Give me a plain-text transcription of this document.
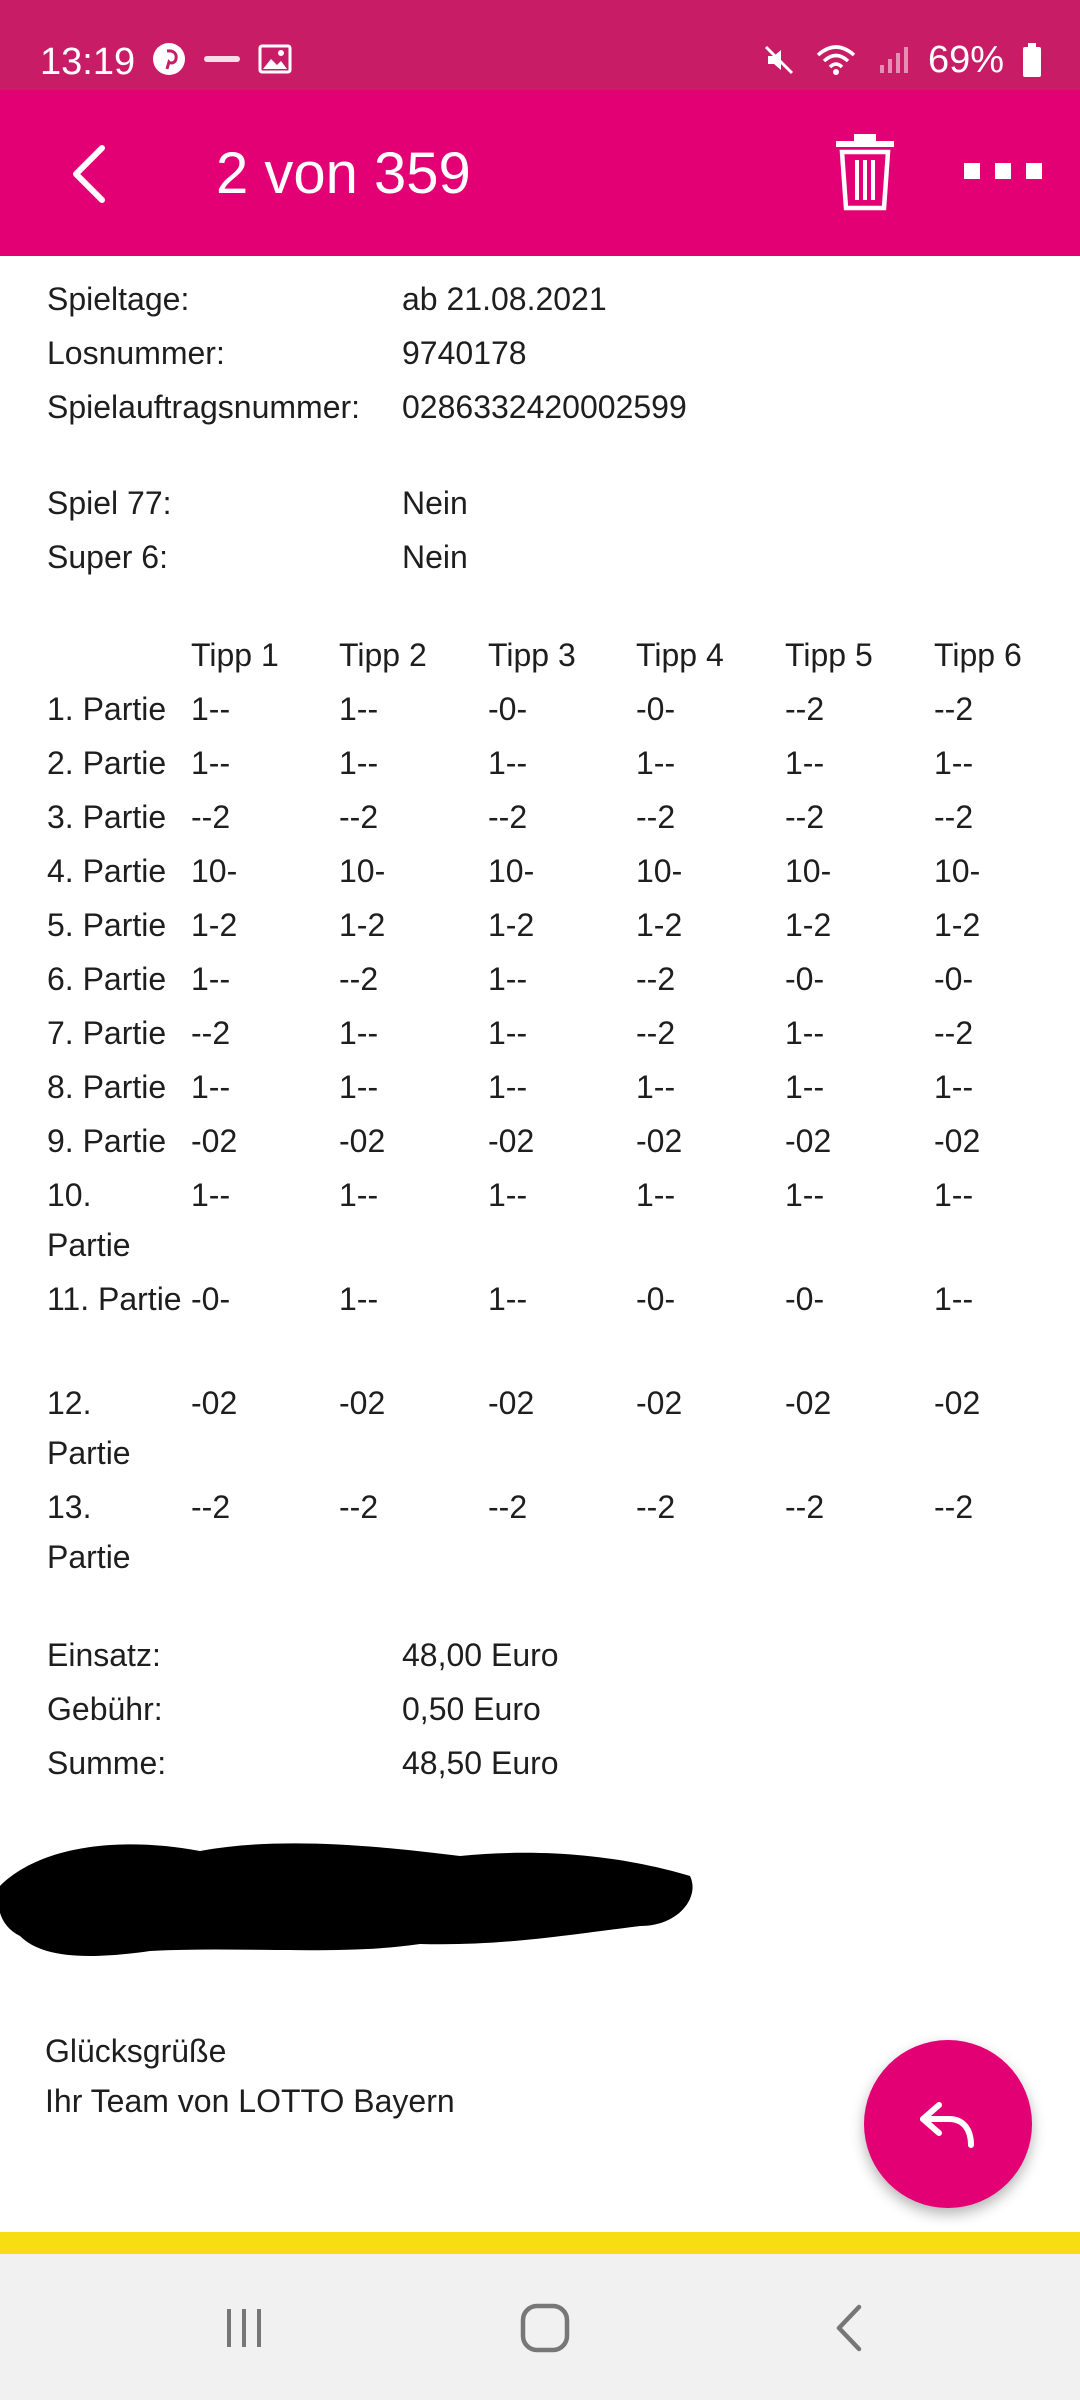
13:19	69%
2 von 359
Spieltage:	ab 21.08.2021
Losnummer:	9740178
Spielauftragsnummer: 0286332420002599
Spiel 77:	Nein
Super 6:	Nein
Tipp 1 Tipp 2 Tipp 3 Tipp 4 Tipp 5 Tipp 6
1. Partie 1--	1--	-0-	-0-	--2	--2
2. Partie 1--	1--	1--	1--	1--	1--
3. Partie --2	--2	--2	--2	--2	--2
4. Partie 10-	10-	10-	10-	10-	10-
5. Partie 1-2	1-2	1-2	1-2	1-2	1-2
6. Partie 1--	--2	1--	--2	-0-	-0-
7. Partie --2	1--	1--	--2	1--	--2
8. Partie 1--	1--	1--	1--	1--	1--
9. Partie -02	-02	-02	-02	-02	-02
10. Partie
1--	1--	1--	1--	1--	1--
11. Partie -0-	1--	1--	-0-	-0-	1--
12. Partie
-02	-02	-02	-02	-02	-02
13. Partie
--2	--2	--2	--2	--2	--2
Einsatz:	48,00 Euro
Gebühr:	0,50 Euro
Summe:	48,50 Euro
Glücksgrüße
Ihr Team von LOTTO Bayern
